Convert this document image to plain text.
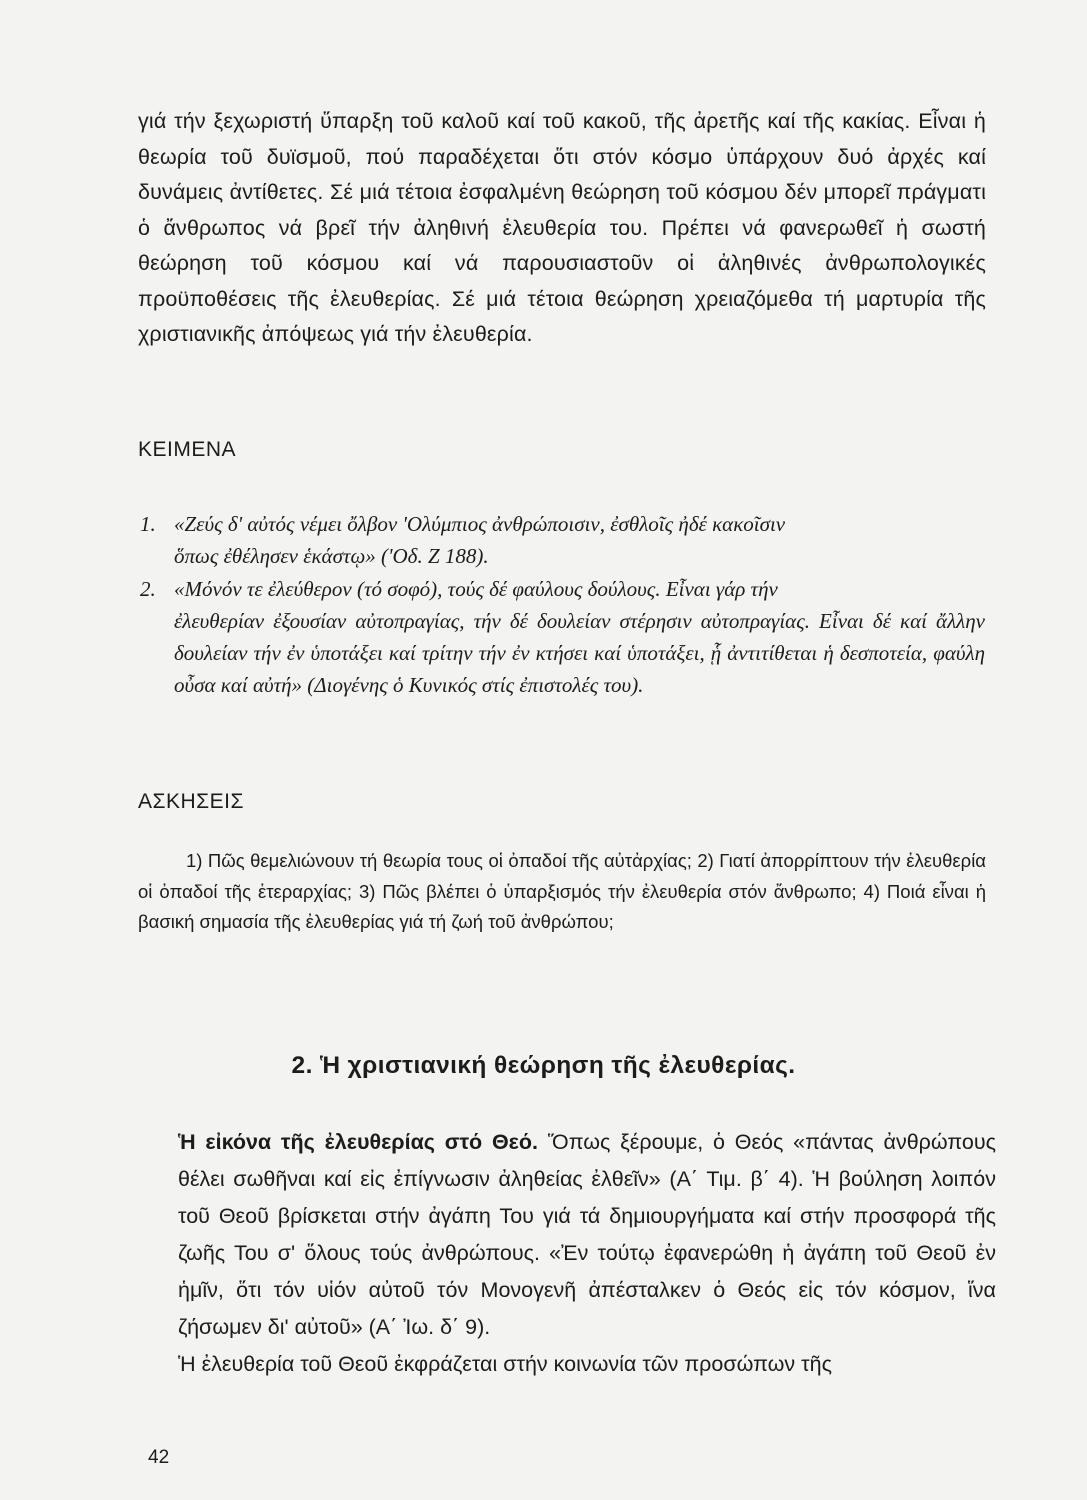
γιά τήν ξεχωριστή ὕπαρξη τοῦ καλοῦ καί τοῦ κακοῦ, τῆς ἀρετῆς καί τῆς κακίας. Εἶναι ἡ θεωρία τοῦ δυϊσμοῦ, πού παραδέχεται ὅτι στόν κόσμο ὑπάρχουν δυό ἀρχές καί δυνάμεις ἀντίθετες. Σέ μιά τέτοια ἐσφαλμένη θεώρηση τοῦ κόσμου δέν μπορεῖ πράγματι ὁ ἄνθρωπος νά βρεῖ τήν ἀληθινή ἐλευθερία του. Πρέπει νά φανερωθεῖ ἡ σωστή θεώρηση τοῦ κόσμου καί νά παρουσιαστοῦν οἱ ἀληθινές ἀνθρωπολογικές προϋποθέσεις τῆς ἐλευθερίας. Σέ μιά τέτοια θεώρηση χρειαζόμεθα τή μαρτυρία τῆς χριστιανικῆς ἀπόψεως γιά τήν ἐλευθερία.

ΚΕΙΜΕΝΑ

1. «Ζεύς δ' αὐτός νέμει ὄλβον 'Ολύμπιος ἀνθρώποισιν, ἐσθλοῖς ἠδέ κακοῖσιν

ὅπως ἐθέλησεν ἑκάστῳ» ('Οδ. Ζ 188).

2. «Μόνόν τε ἐλεύθερον (τό σοφό), τούς δέ φαύλους δούλους. Εἶναι γάρ τήν

ἐλευθερίαν ἐξουσίαν αὐτοπραγίας, τήν δέ δουλείαν στέρησιν αὐτοπραγίας. Εἶναι δέ καί ἄλλην δουλείαν τήν ἐν ὑποτάξει καί τρίτην τήν ἐν κτήσει καί ὑποτάξει, ᾗ ἀντιτίθεται ἡ δεσποτεία, φαύλη οὖσα καί αὐτή» (Διογένης ὁ Κυνικός στίς ἐπιστολές του).

ΑΣΚΗΣΕΙΣ

1) Πῶς θεμελιώνουν τή θεωρία τους οἱ ὀπαδοί τῆς αὐτἀρχίας; 2) Γιατί ἀπορρίπτουν τήν ἐλευθερία οἱ ὀπαδοί τῆς ἑτεραρχίας; 3) Πῶς βλέπει ὁ ὑπαρξισμός τήν ἐλευθερία στόν ἄνθρωπο; 4) Ποιά εἶναι ἡ βασική σημασία τῆς ἐλευθερίας γιά τή ζωή τοῦ ἀνθρώπου;

2. Ἡ χριστιανική θεώρηση τῆς ἐλευθερίας.

Ἡ εἰκόνα τῆς ἐλευθερίας στό Θεό. Ὅπως ξέρουμε, ὁ Θεός «πάντας ἀνθρώπους θέλει σωθῆναι καί εἰς ἐπίγνωσιν ἀληθείας ἐλθεῖν» (Α΄ Τιμ. β΄ 4). Ἡ βούληση λοιπόν τοῦ Θεοῦ βρίσκεται στήν ἀγάπη Του γιά τά δημιουργήματα καί στήν προσφορά τῆς ζωῆς Του σ' ὅλους τούς ἀνθρώπους. «Ἐν τούτῳ ἐφανερώθη ἡ ἀγάπη τοῦ Θεοῦ ἐν ἡμῖν, ὅτι τόν υἱόν αὐτοῦ τόν Μονογενῆ ἀπέσταλκεν ὁ Θεός εἰς τόν κόσμον, ἵνα ζήσωμεν δι' αὐτοῦ» (Α΄ Ἰω. δ΄ 9).

Ἡ ἐλευθερία τοῦ Θεοῦ ἐκφράζεται στήν κοινωνία τῶν προσώπων τῆς

42
